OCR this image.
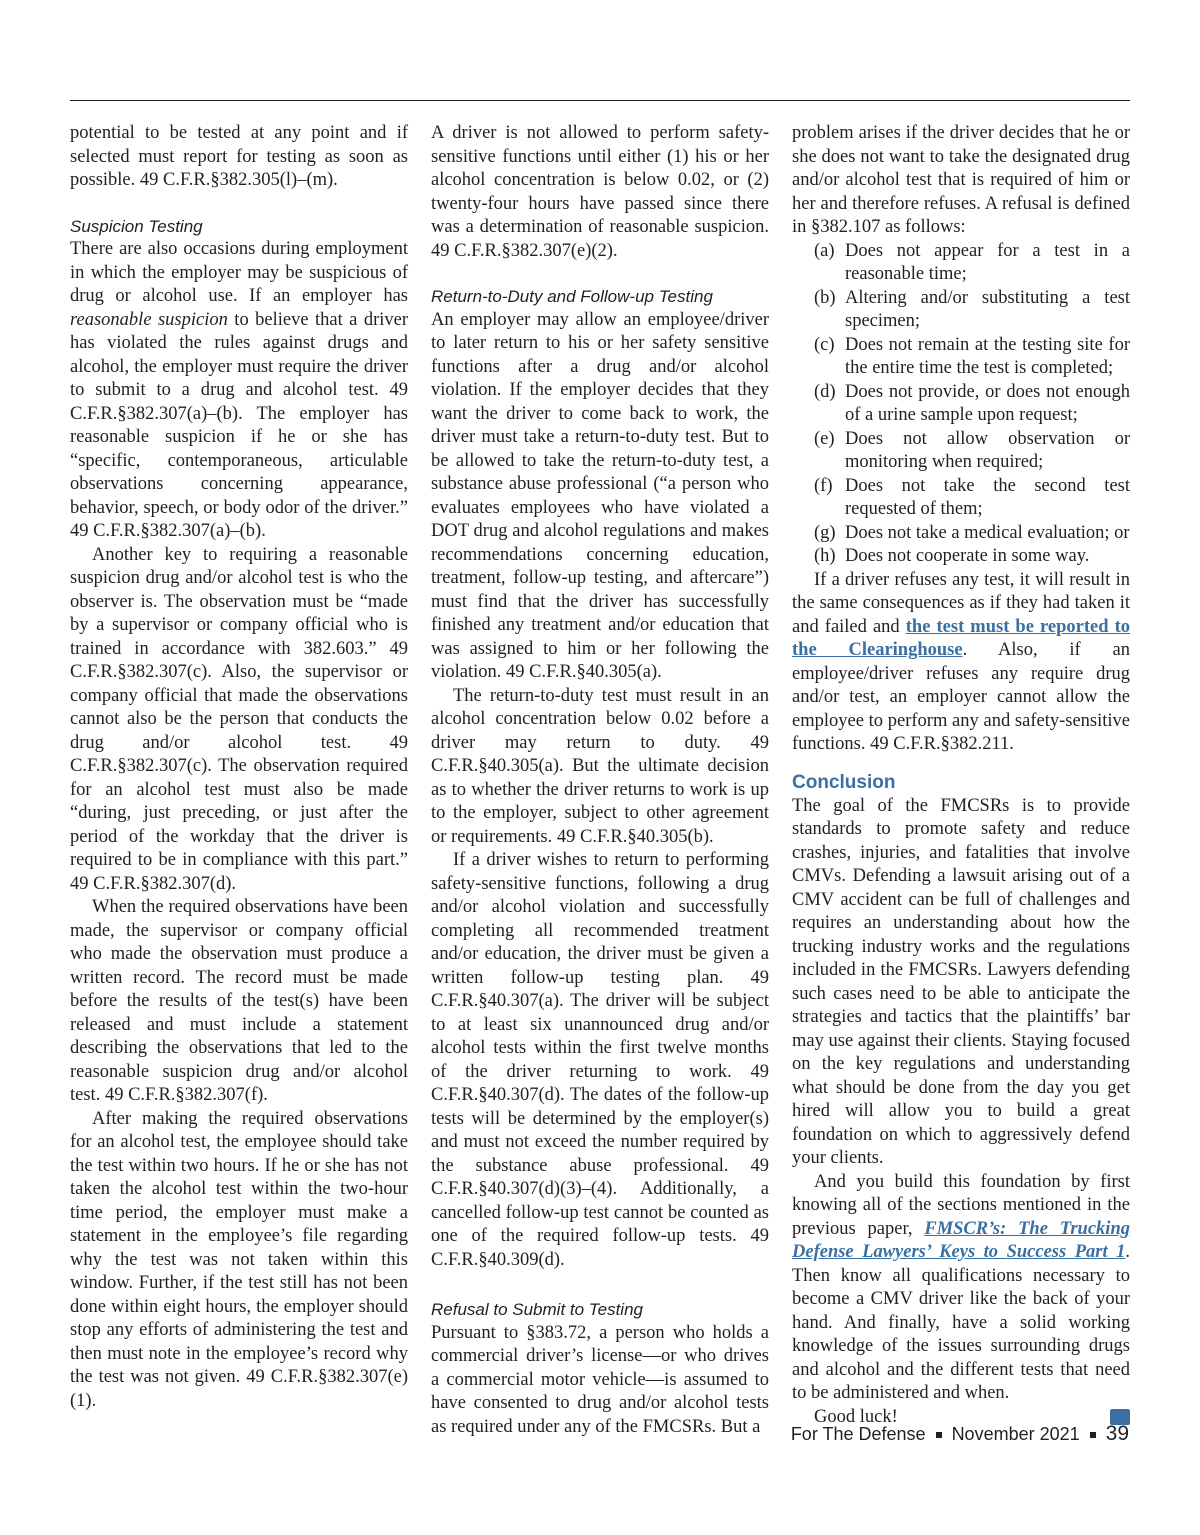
potential to be tested at any point and if selected must report for testing as soon as possible. 49 C.F.R.§382.305(l)–(m).

Suspicion Testing

There are also occasions during employment in which the employer may be suspicious of drug or alcohol use. If an employer has reasonable suspicion to believe that a driver has violated the rules against drugs and alcohol, the employer must require the driver to submit to a drug and alcohol test. 49 C.F.R.§382.307(a)–(b). The employer has reasonable suspicion if he or she has “specific, contemporaneous, articulable observations concerning appearance, behavior, speech, or body odor of the driver.” 49 C.F.R.§382.307(a)–(b).

Another key to requiring a reasonable suspicion drug and/or alcohol test is who the observer is. The observation must be “made by a supervisor or company official who is trained in accordance with 382.603.” 49 C.F.R.§382.307(c). Also, the supervisor or company official that made the observations cannot also be the person that conducts the drug and/or alcohol test. 49 C.F.R.§382.307(c). The observation required for an alcohol test must also be made “during, just preceding, or just after the period of the workday that the driver is required to be in compliance with this part.” 49 C.F.R.§382.307(d).

When the required observations have been made, the supervisor or company official who made the observation must produce a written record. The record must be made before the results of the test(s) have been released and must include a statement describing the observations that led to the reasonable suspicion drug and/or alcohol test. 49 C.F.R.§382.307(f).

After making the required observations for an alcohol test, the employee should take the test within two hours. If he or she has not taken the alcohol test within the two-hour time period, the employer must make a statement in the employee’s file regarding why the test was not taken within this window. Further, if the test still has not been done within eight hours, the employer should stop any efforts of administering the test and then must note in the employee’s record why the test was not given. 49 C.F.R.§382.307(e)(1).

A driver is not allowed to perform safety-sensitive functions until either (1) his or her alcohol concentration is below 0.02, or (2) twenty-four hours have passed since there was a determination of reasonable suspicion. 49 C.F.R.§382.307(e)(2).

Return-to-Duty and Follow-up Testing

An employer may allow an employee/driver to later return to his or her safety sensitive functions after a drug and/or alcohol violation. If the employer decides that they want the driver to come back to work, the driver must take a return-to-duty test. But to be allowed to take the return-to-duty test, a substance abuse professional (“a person who evaluates employees who have violated a DOT drug and alcohol regulations and makes recommendations concerning education, treatment, follow-up testing, and aftercare”) must find that the driver has successfully finished any treatment and/or education that was assigned to him or her following the violation. 49 C.F.R.§40.305(a).

The return-to-duty test must result in an alcohol concentration below 0.02 before a driver may return to duty. 49 C.F.R.§40.305(a). But the ultimate decision as to whether the driver returns to work is up to the employer, subject to other agreement or requirements. 49 C.F.R.§40.305(b).

If a driver wishes to return to performing safety-sensitive functions, following a drug and/or alcohol violation and successfully completing all recommended treatment and/or education, the driver must be given a written follow-up testing plan. 49 C.F.R.§40.307(a). The driver will be subject to at least six unannounced drug and/or alcohol tests within the first twelve months of the driver returning to work. 49 C.F.R.§40.307(d). The dates of the follow-up tests will be determined by the employer(s) and must not exceed the number required by the substance abuse professional. 49 C.F.R.§40.307(d)(3)–(4). Additionally, a cancelled follow-up test cannot be counted as one of the required follow-up tests. 49 C.F.R.§40.309(d).

Refusal to Submit to Testing

Pursuant to §383.72, a person who holds a commercial driver’s license—or who drives a commercial motor vehicle—is assumed to have consented to drug and/or alcohol tests as required under any of the FMCSRs. But a

problem arises if the driver decides that he or she does not want to take the designated drug and/or alcohol test that is required of him or her and therefore refuses. A refusal is defined in §382.107 as follows:

(a) Does not appear for a test in a reasonable time;
(b) Altering and/or substituting a test specimen;
(c) Does not remain at the testing site for the entire time the test is completed;
(d) Does not provide, or does not enough of a urine sample upon request;
(e) Does not allow observation or monitoring when required;
(f) Does not take the second test requested of them;
(g) Does not take a medical evaluation; or
(h) Does not cooperate in some way.

If a driver refuses any test, it will result in the same consequences as if they had taken it and failed and the test must be reported to the Clearinghouse. Also, if an employee/driver refuses any require drug and/or test, an employer cannot allow the employee to perform any and safety-sensitive functions. 49 C.F.R.§382.211.

Conclusion

The goal of the FMCSRs is to provide standards to promote safety and reduce crashes, injuries, and fatalities that involve CMVs. Defending a lawsuit arising out of a CMV accident can be full of challenges and requires an understanding about how the trucking industry works and the regulations included in the FMCSRs. Lawyers defending such cases need to be able to anticipate the strategies and tactics that the plaintiffs’ bar may use against their clients. Staying focused on the key regulations and understanding what should be done from the day you get hired will allow you to build a great foundation on which to aggressively defend your clients.

And you build this foundation by first knowing all of the sections mentioned in the previous paper, FMSCR’s: The Trucking Defense Lawyers’ Keys to Success Part 1. Then know all qualifications necessary to become a CMV driver like the back of your hand. And finally, have a solid working knowledge of the issues surrounding drugs and alcohol and the different tests that need to be administered and when.

Good luck!	FD

For The Defense November 2021 39
